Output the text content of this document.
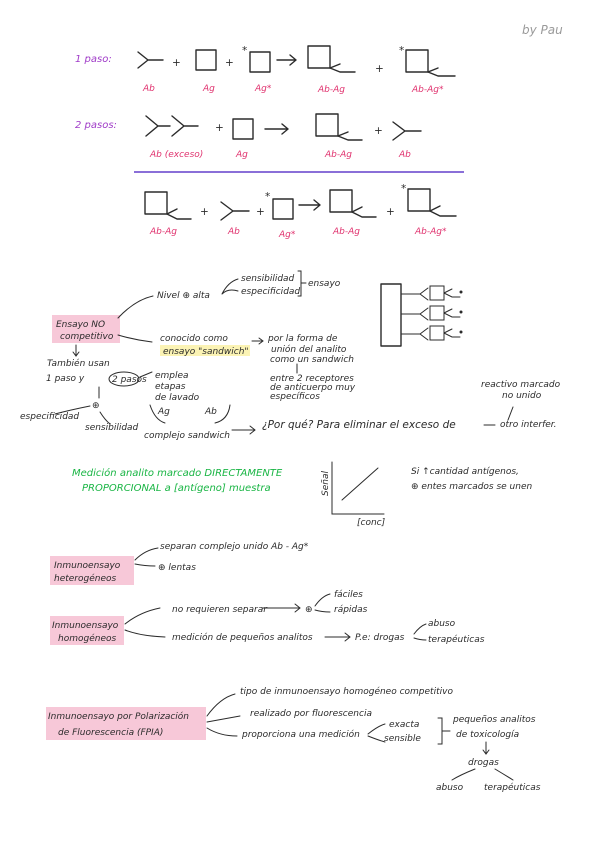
by Pau
1 paso:
Ab
+
Ag
+
*
Ag*	Ab-Ag
+
*
Ab-Ag*
2 pasos:
Ab (exceso)
+
Ag	Ab-Ag
+
Ab
Ab-Ag
+
Ab
+
*
Ag*	Ab-Ag
+
*
Ab-Ag*
Ensayo NO
competitivo
Nivel ⊕ alta
sensibilidad
especificidad
ensayo
conocido como
ensayo "sandwich"
por la forma de
unión del analito
como un sandwich
entre 2 receptores
de anticuerpo muy
específicos
También usan
1 paso y	2 pasos emplea
etapas
de lavado
⊕
especificidad
sensibilidad
Ag	Ab
complejo sandwich
¿Por qué? Para eliminar el exceso de
reactivo marcado
no unido
otro interfer.
Medición analito marcado DIRECTAMENTE
PROPORCIONAL a [antígeno] muestra	Señal
[conc]
Si ↑cantidad antígenos,
⊕ entes marcados se unen
Inmunoensayo
heterogéneos
separan complejo unido Ab - Ag*
⊕ lentas
Inmunoensayo
homogéneos
no requieren separar	⊕
fáciles
rápidas
medición de pequeños analitos	P.e: drogas
abuso
terapéuticas
Inmunoensayo por Polarización
de Fluorescencia (FPIA)
tipo de inmunoensayo homogéneo competitivo
realizado por fluorescencia
proporciona una medición
exacta
sensible
pequeños analitos
de toxicología
drogas
abuso terapéuticas
